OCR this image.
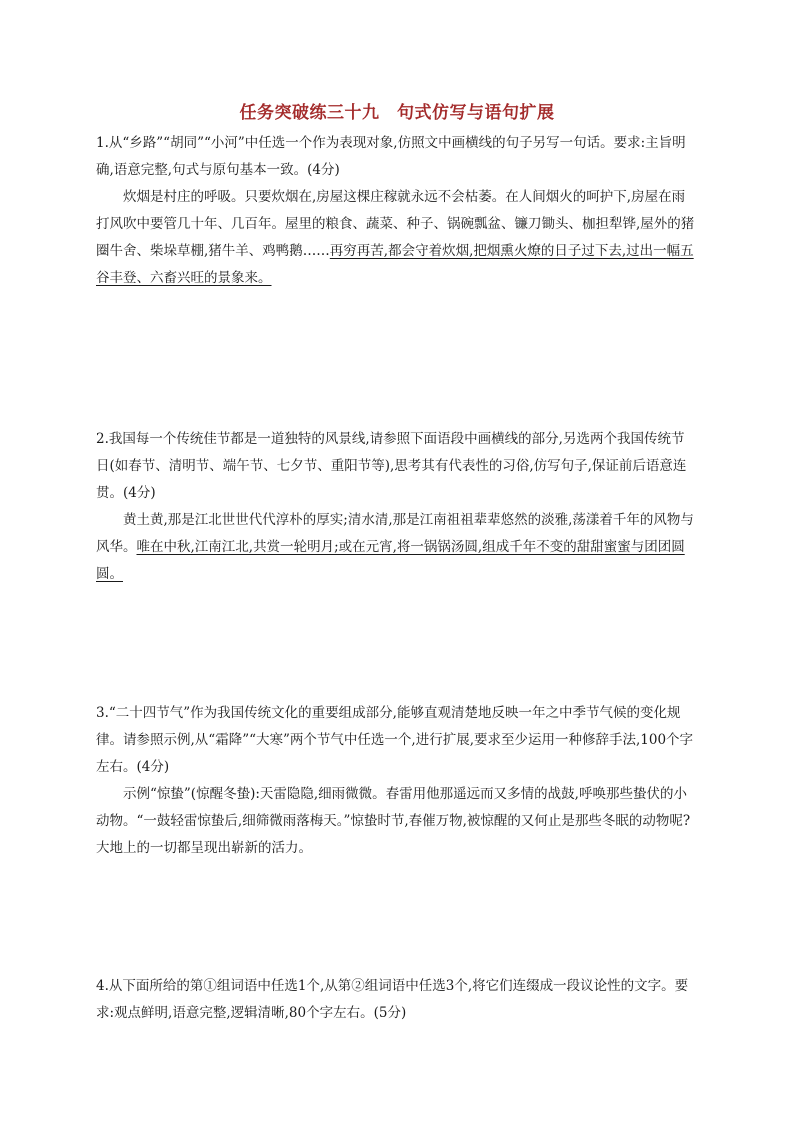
任务突破练三十九　句式仿写与语句扩展

1.从“乡路”“胡同”“小河”中任选一个作为表现对象,仿照文中画横线的句子另写一句话。要求:主旨明确,语意完整,句式与原句基本一致。(4分)

炊烟是村庄的呼吸。只要炊烟在,房屋这棵庄稼就永远不会枯萎。在人间烟火的呵护下,房屋在雨打风吹中要管几十年、几百年。屋里的粮食、蔬菜、种子、锅碗瓢盆、镰刀锄头、枷担犁铧,屋外的猪圈牛舍、柴垛草棚,猪牛羊、鸡鸭鹅……再穷再苦,都会守着炊烟,把烟熏火燎的日子过下去,过出一幅五谷丰登、六畜兴旺的景象来。

2.我国每一个传统佳节都是一道独特的风景线,请参照下面语段中画横线的部分,另选两个我国传统节日(如春节、清明节、端午节、七夕节、重阳节等),思考其有代表性的习俗,仿写句子,保证前后语意连贯。(4分)

黄土黄,那是江北世世代代淳朴的厚实;清水清,那是江南祖祖辈辈悠然的淡雅,荡漾着千年的风物与风华。唯在中秋,江南江北,共赏一轮明月;或在元宵,将一锅锅汤圆,组成千年不变的甜甜蜜蜜与团团圆圆。

3.“二十四节气”作为我国传统文化的重要组成部分,能够直观清楚地反映一年之中季节气候的变化规律。请参照示例,从“霜降”“大寒”两个节气中任选一个,进行扩展,要求至少运用一种修辞手法,100个字左右。(4分)

示例“惊蛰”(惊醒冬蛰):天雷隐隐,细雨微微。春雷用他那遥远而又多情的战鼓,呼唤那些蛰伏的小动物。“一鼓轻雷惊蛰后,细筛微雨落梅天。”惊蛰时节,春催万物,被惊醒的又何止是那些冬眠的动物呢?大地上的一切都呈现出崭新的活力。

4.从下面所给的第①组词语中任选1个,从第②组词语中任选3个,将它们连缀成一段议论性的文字。要求:观点鲜明,语意完整,逻辑清晰,80个字左右。(5分)
